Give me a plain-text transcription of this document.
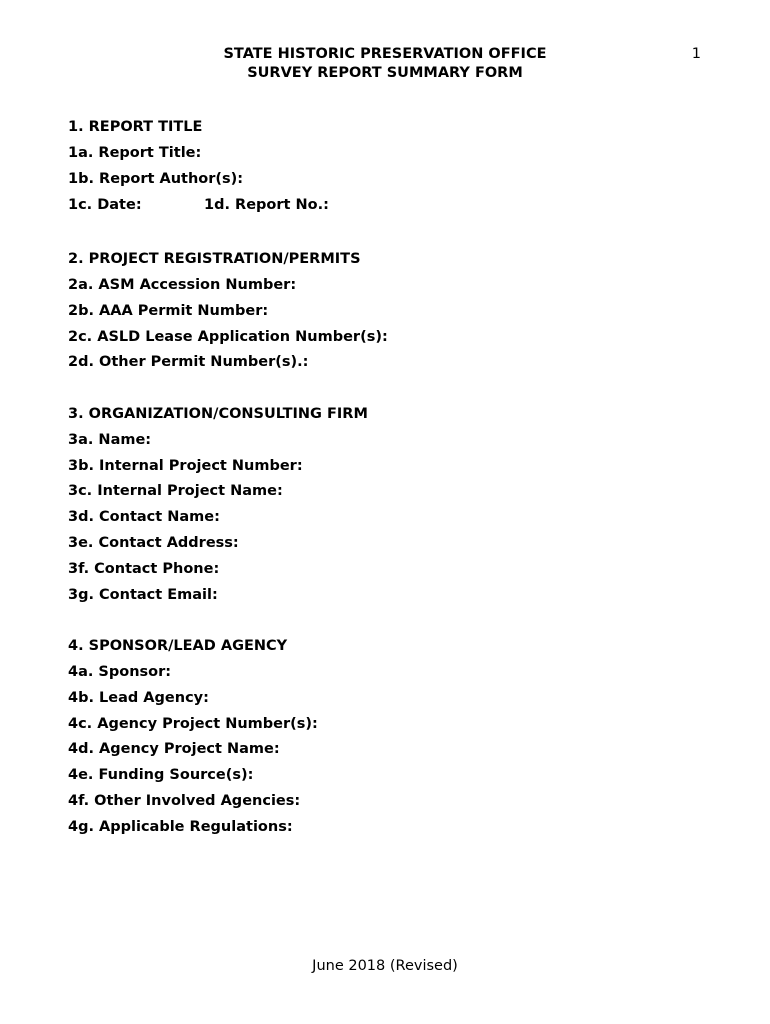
STATE HISTORIC PRESERVATION OFFICE
SURVEY REPORT SUMMARY FORM
1
1. REPORT TITLE
1a. Report Title:
1b. Report Author(s):
1c. Date:	1d. Report No.:
2. PROJECT REGISTRATION/PERMITS
2a. ASM Accession Number:
2b. AAA Permit Number:
2c. ASLD Lease Application Number(s):
2d. Other Permit Number(s).:
3. ORGANIZATION/CONSULTING FIRM
3a. Name:
3b. Internal Project Number:
3c. Internal Project Name:
3d. Contact Name:
3e. Contact Address:
3f. Contact Phone:
3g. Contact Email:
4. SPONSOR/LEAD AGENCY
4a. Sponsor:
4b. Lead Agency:
4c. Agency Project Number(s):
4d. Agency Project Name:
4e. Funding Source(s):
4f. Other Involved Agencies:
4g. Applicable Regulations:
June 2018 (Revised)
